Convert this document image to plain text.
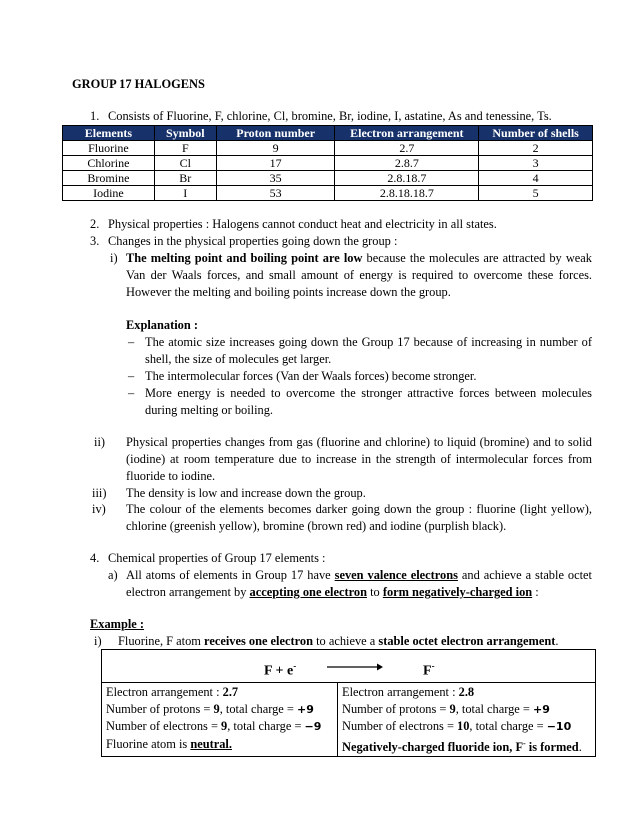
GROUP 17 HALOGENS
1. Consists of Fluorine, F, chlorine, Cl, bromine, Br, iodine, I, astatine, As and tenessine, Ts.
Elements	Symbol	Proton number	Electron arrangement	Number of shells
Fluorine	F	9	2.7	2
Chlorine	Cl	17	2.8.7	3
Bromine	Br	35	2.8.18.7	4
Iodine	I	53	2.8.18.18.7	5
2. Physical properties : Halogens cannot conduct heat and electricity in all states.
3. Changes in the physical properties going down the group :
i) The melting point and boiling point are low because the molecules are attracted by weak Van der Waals forces, and small amount of energy is required to overcome these forces. However the melting and boiling points increase down the group.
Explanation :
– The atomic size increases going down the Group 17 because of increasing in number of shell, the size of molecules get larger.
– The intermolecular forces (Van der Waals forces) become stronger.
– More energy is needed to overcome the stronger attractive forces between molecules during melting or boiling.
ii) Physical properties changes from gas (fluorine and chlorine) to liquid (bromine) and to solid (iodine) at room temperature due to increase in the strength of intermolecular forces from fluoride to iodine.
iii) The density is low and increase down the group.
iv) The colour of the elements becomes darker going down the group : fluorine (light yellow), chlorine (greenish yellow), bromine (brown red) and iodine (purplish black).
4. Chemical properties of Group 17 elements :
a) All atoms of elements in Group 17 have seven valence electrons and achieve a stable octet electron arrangement by accepting one electron to form negatively-charged ion :
Example :
i) Fluorine, F atom receives one electron to achieve a stable octet electron arrangement.
F + e-	F-

Electron arrangement : 2.7
Number of protons = 9, total charge = +9
Number of electrons = 9, total charge = −9
Fluorine atom is neutral.

Electron arrangement : 2.8
Number of protons = 9, total charge = +9
Number of electrons = 10, total charge = −10
Negatively-charged fluoride ion, F- is formed.
